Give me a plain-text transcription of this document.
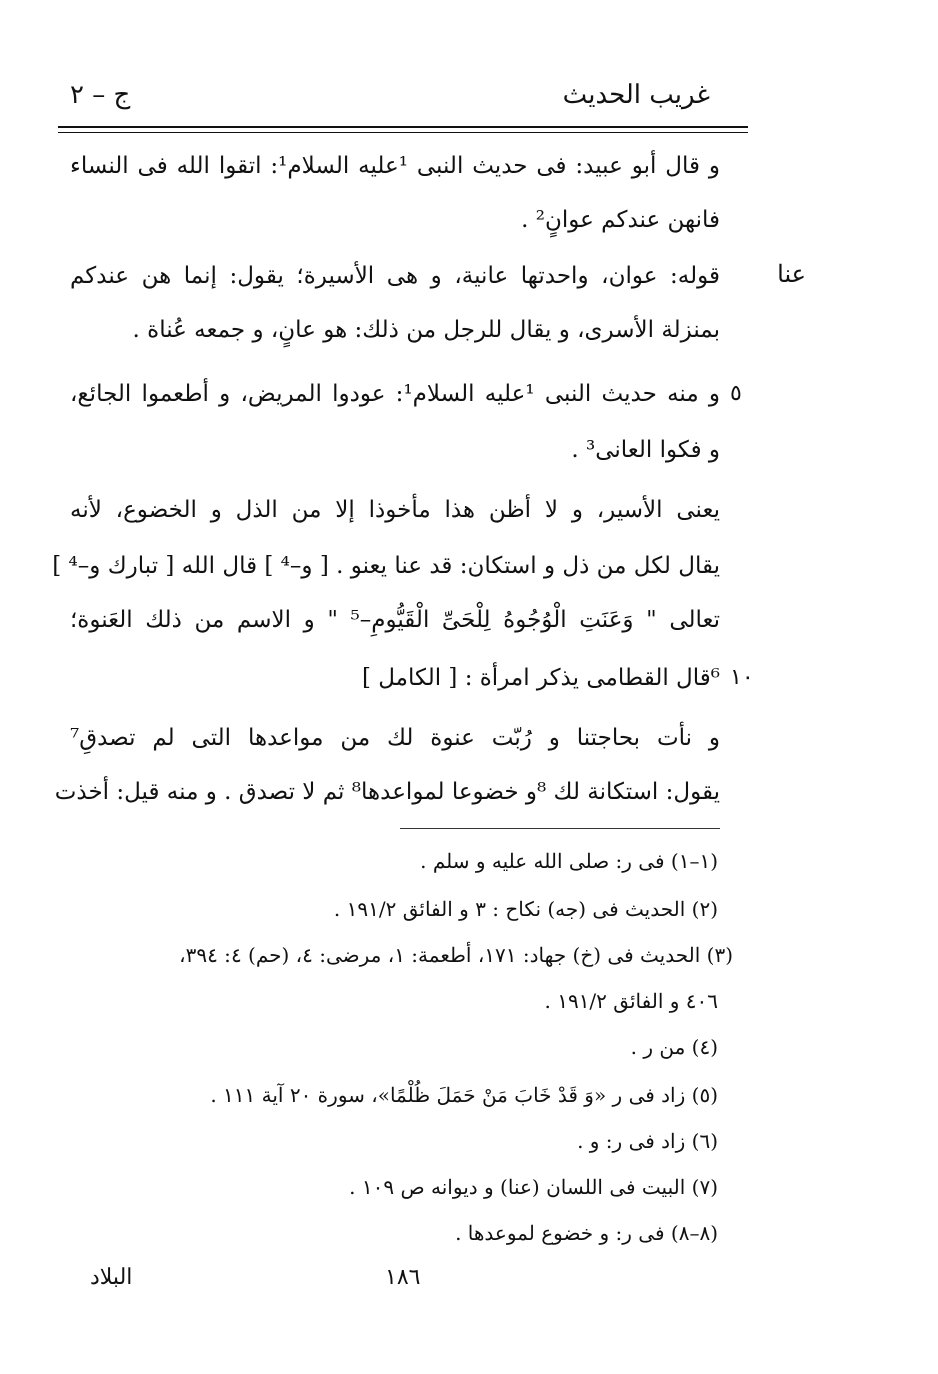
غريب الحديث
ج – ٢
عنا
٥
١٠
و قال أبو عبيد: فى حديث النبى ¹عليه السلام¹: اتقوا الله فى النساء
فانهن عندكم عوانٍ² .
قوله: عوان، واحدتها عانية، و هى الأسيرة؛ يقول: إنما هن عندكم
بمنزلة الأسرى، و يقال للرجل من ذلك: هو عانٍ، و جمعه عُناة .
و منه حديث النبى ¹عليه السلام¹: عودوا المريض، و أطعموا الجائع،
و فكوا العانى³ .
يعنى الأسير، و لا أظن هذا مأخوذا إلا من الذل و الخضوع، لأنه
يقال لكل من ذل و استكان: قد عنا يعنو . [ و–⁴ ] قال الله [ تبارك و–⁴ ]
تعالى " وَعَنَتِ الْوُجُوهُ لِلْحَىِّ الْقَيُّومِ–⁵ " و الاسم من ذلك العَنوة؛
⁶قال القطامى يذكر امرأة : [ الكامل ]
و نأت بحاجتنا و رُبّت عنوة لك من مواعدها التى لم تصدقِ⁷
يقول: استكانة لك ⁸و خضوعا لمواعدها⁸ ثم لا تصدق . و منه قيل: أخذت
(١–١) فى ر: صلى الله عليه و سلم .
(٢) الحديث فى (جه) نكاح : ٣ و الفائق ١٩١/٢ .
(٣) الحديث فى (خ) جهاد: ١٧١، أطعمة: ١، مرضى: ٤، (حم) ٤: ٣٩٤،
٤٠٦ و الفائق ١٩١/٢ .
(٤) من ر .
(٥) زاد فى ر «وَ قَدْ خَابَ مَنْ حَمَلَ ظُلْمًا»، سورة ٢٠ آية ١١١ .
(٦) زاد فى ر: و .
(٧) البيت فى اللسان (عنا) و ديوانه ص ١٠٩ .
(٨–٨) فى ر: و خضوع لموعدها .
١٨٦
البلاد
